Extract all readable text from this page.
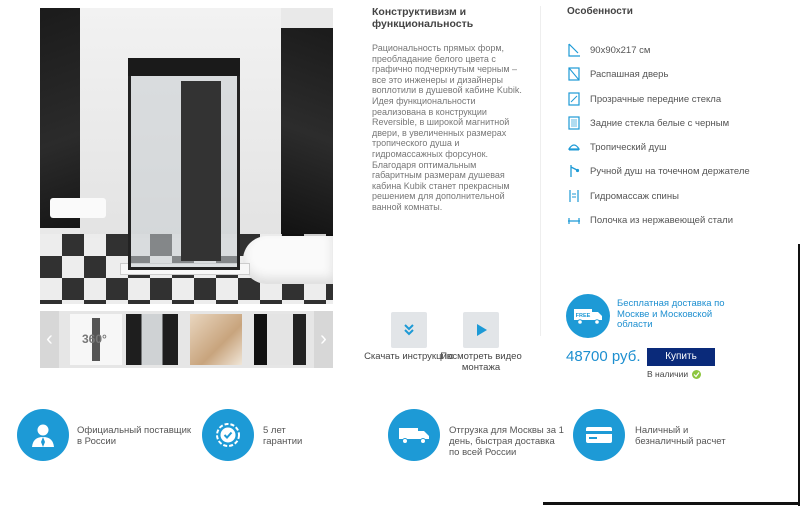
‹	360°	›
Конструктивизм и функциональность
Рациональность прямых форм, преобладание белого цвета с графично подчеркнутым черным – все это инженеры и дизайнеры воплотили в душевой кабине Kubik. Идея функциональности реализована в конструкции Reversible, в широкой магнитной двери, в увеличенных размерах тропического душа и гидромассажных форсунок. Благодаря оптимальным габаритным размерам душевая кабина Kubik станет прекрасным решением для дополнительной ванной комнаты.
Скачать инструкцию
Посмотреть видео монтажа
Особенности
90x90x217 см
Распашная дверь
Прозрачные передние стекла
Задние стекла белые с черным
Тропический душ
Ручной душ на точечном держателе
Гидромассаж спины
Полочка из нержавеющей стали
FREE
Бесплатная доставка по Москве и Московской области
48700 руб.	Купить
В наличии
Официальный поставщик в России
5 лет гарантии
Отгрузка для Москвы за 1 день, быстрая доставка по всей России
Наличный и безналичный расчет
